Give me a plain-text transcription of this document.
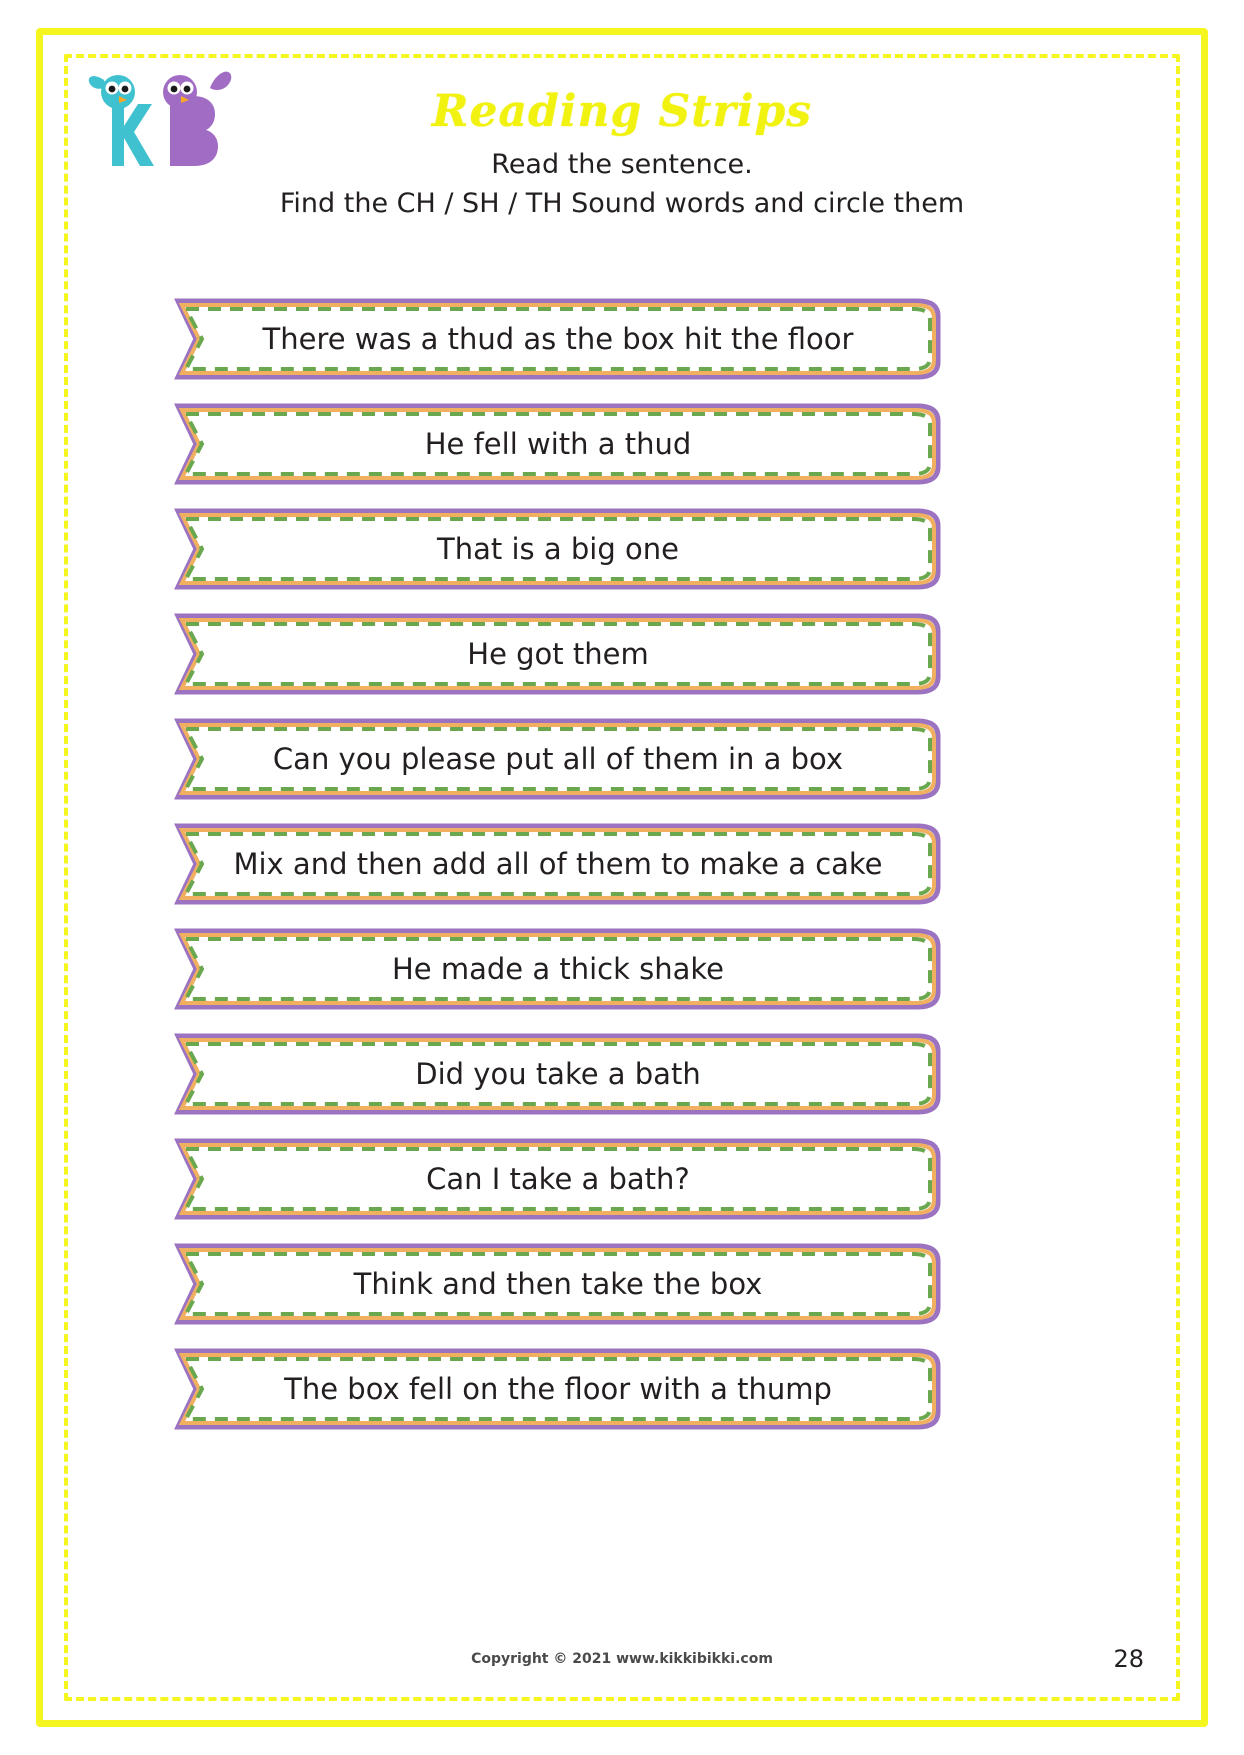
Reading Strips
Read the sentence.
Find the CH / SH / TH Sound words and circle them
There was a thud as the box hit the floor
He fell with a thud
That is a big one
He got them
Can you please put all of them in a box
Mix and then add all of them to make a cake
He made a thick shake
Did you take a bath
Can I take a bath?
Think and then take the box
The box fell on the floor with a thump
Copyright © 2021 www.kikkibikki.com	28
